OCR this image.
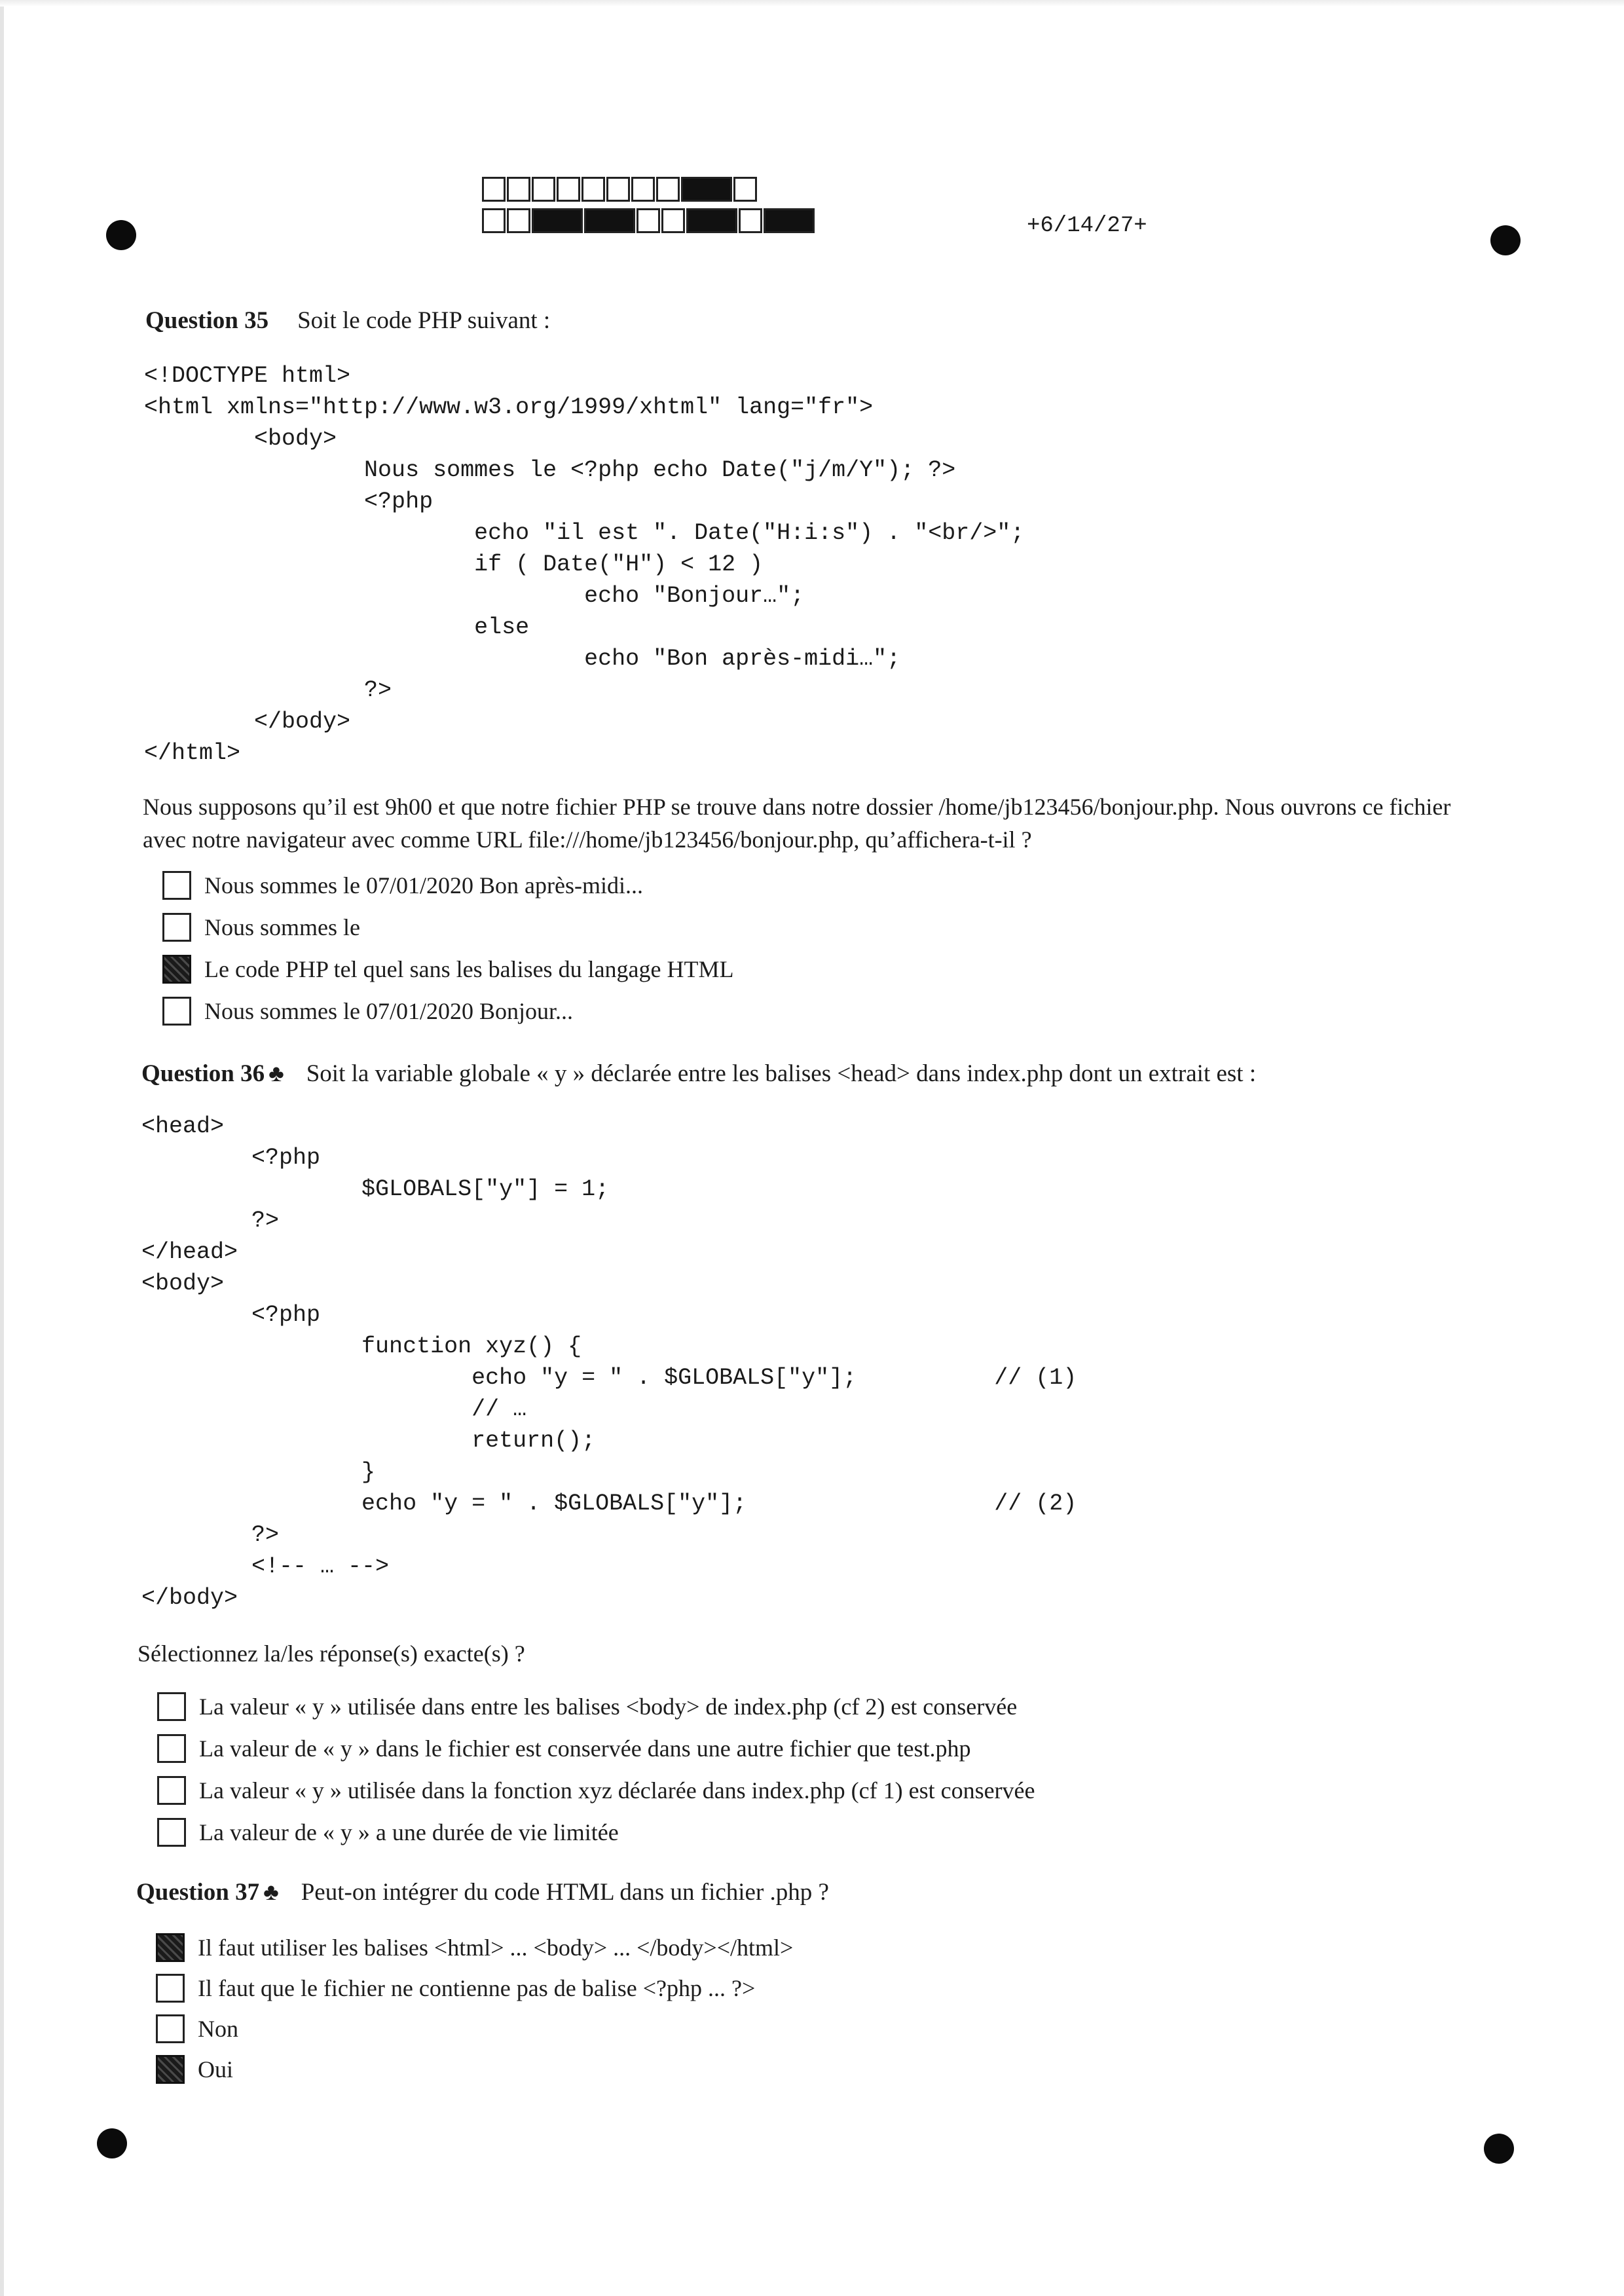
+6/14/27+
Question 35 Soit le code PHP suivant :
<!DOCTYPE html>
<html xmlns="http://www.w3.org/1999/xhtml" lang="fr">
<body>
Nous sommes le <?php echo Date("j/m/Y"); ?>
<?php
echo "il est ". Date("H:i:s") . "<br/>";
if ( Date("H") < 12 )
echo "Bonjour…";
else
echo "Bon après-midi…";
?>
</body>
</html>
Nous supposons qu’il est 9h00 et que notre fichier PHP se trouve dans notre dossier /home/jb123456/bonjour.php. Nous ouvrons ce fichier avec notre navigateur avec comme URL file:///home/jb123456/bonjour.php, qu’affichera-t-il ?
Nous sommes le 07/01/2020 Bon après-midi...
Nous sommes le
Le code PHP tel quel sans les balises du langage HTML
Nous sommes le 07/01/2020 Bonjour...
Question 36 ♣ Soit la variable globale « y » déclarée entre les balises <head> dans index.php dont un extrait est :
<head>
<?php
$GLOBALS["y"] = 1;
?>
</head>
<body>
<?php
function xyz() {
echo "y = " . $GLOBALS["y"];          // (1)
// …
return();
}
echo "y = " . $GLOBALS["y"];                  // (2)
?>
<!-- … -->
</body>
Sélectionnez la/les réponse(s) exacte(s) ?
La valeur « y » utilisée dans entre les balises <body> de index.php (cf 2) est conservée
La valeur de « y » dans le fichier est conservée dans une autre fichier que test.php
La valeur « y » utilisée dans la fonction xyz déclarée dans index.php (cf 1) est conservée
La valeur de « y » a une durée de vie limitée
Question 37 ♣ Peut-on intégrer du code HTML dans un fichier .php ?
Il faut utiliser les balises <html> ... <body> ... </body></html>
Il faut que le fichier ne contienne pas de balise <?php ... ?>
Non
Oui
